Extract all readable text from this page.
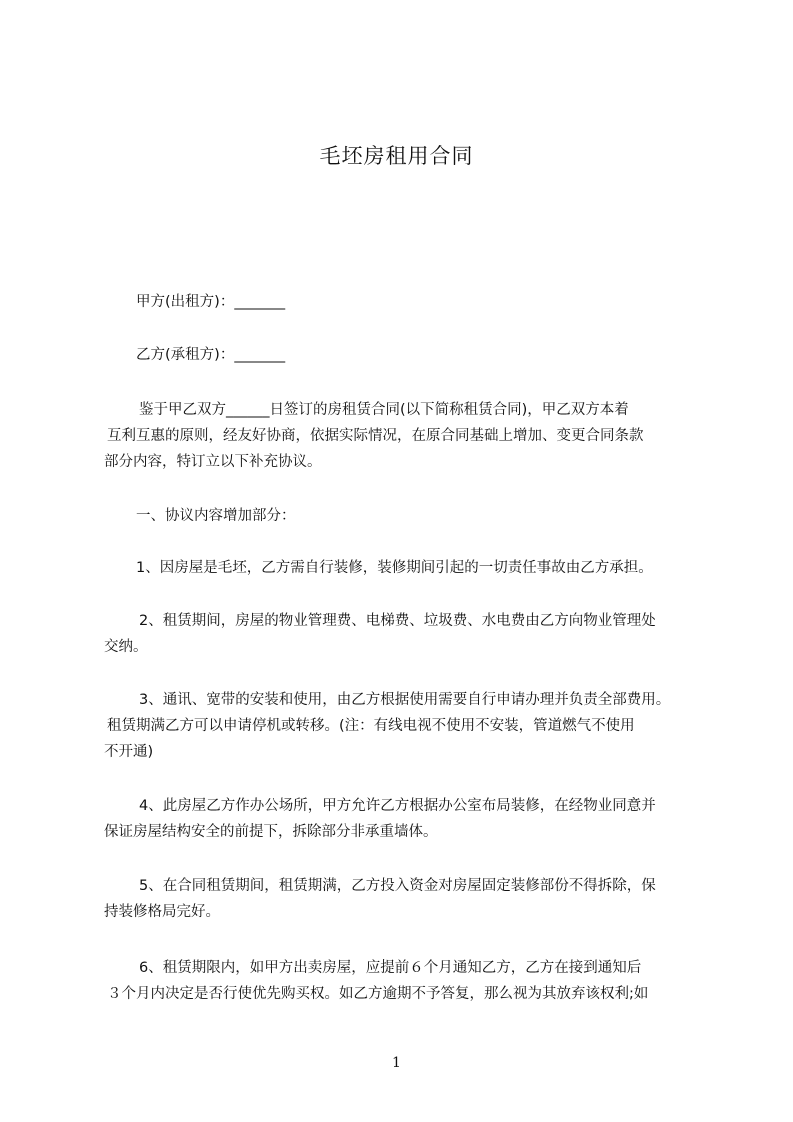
毛坯房租用合同
甲方(出租方)：_______
乙方(承租方)：_______
鉴于甲乙双方______日签订的房租赁合同(以下简称租赁合同)，甲乙双方本着
互利互惠的原则，经友好协商，依据实际情况，在原合同基础上增加、变更合同条款
部分内容，特订立以下补充协议。
一、协议内容增加部分：
1、因房屋是毛坯，乙方需自行装修，装修期间引起的一切责任事故由乙方承担。
2、租赁期间，房屋的物业管理费、电梯费、垃圾费、水电费由乙方向物业管理处
交纳。
3、通讯、宽带的安装和使用，由乙方根据使用需要自行申请办理并负责全部费用。
租赁期满乙方可以申请停机或转移。(注：有线电视不使用不安装，管道燃气不使用
不开通)
4、此房屋乙方作办公场所，甲方允许乙方根据办公室布局装修，在经物业同意并
保证房屋结构安全的前提下，拆除部分非承重墙体。
5、在合同租赁期间，租赁期满，乙方投入资金对房屋固定装修部份不得拆除，保
持装修格局完好。
6、租赁期限内，如甲方出卖房屋，应提前６个月通知乙方，乙方在接到通知后
３个月内决定是否行使优先购买权。如乙方逾期不予答复，那么视为其放弃该权利;如
1
